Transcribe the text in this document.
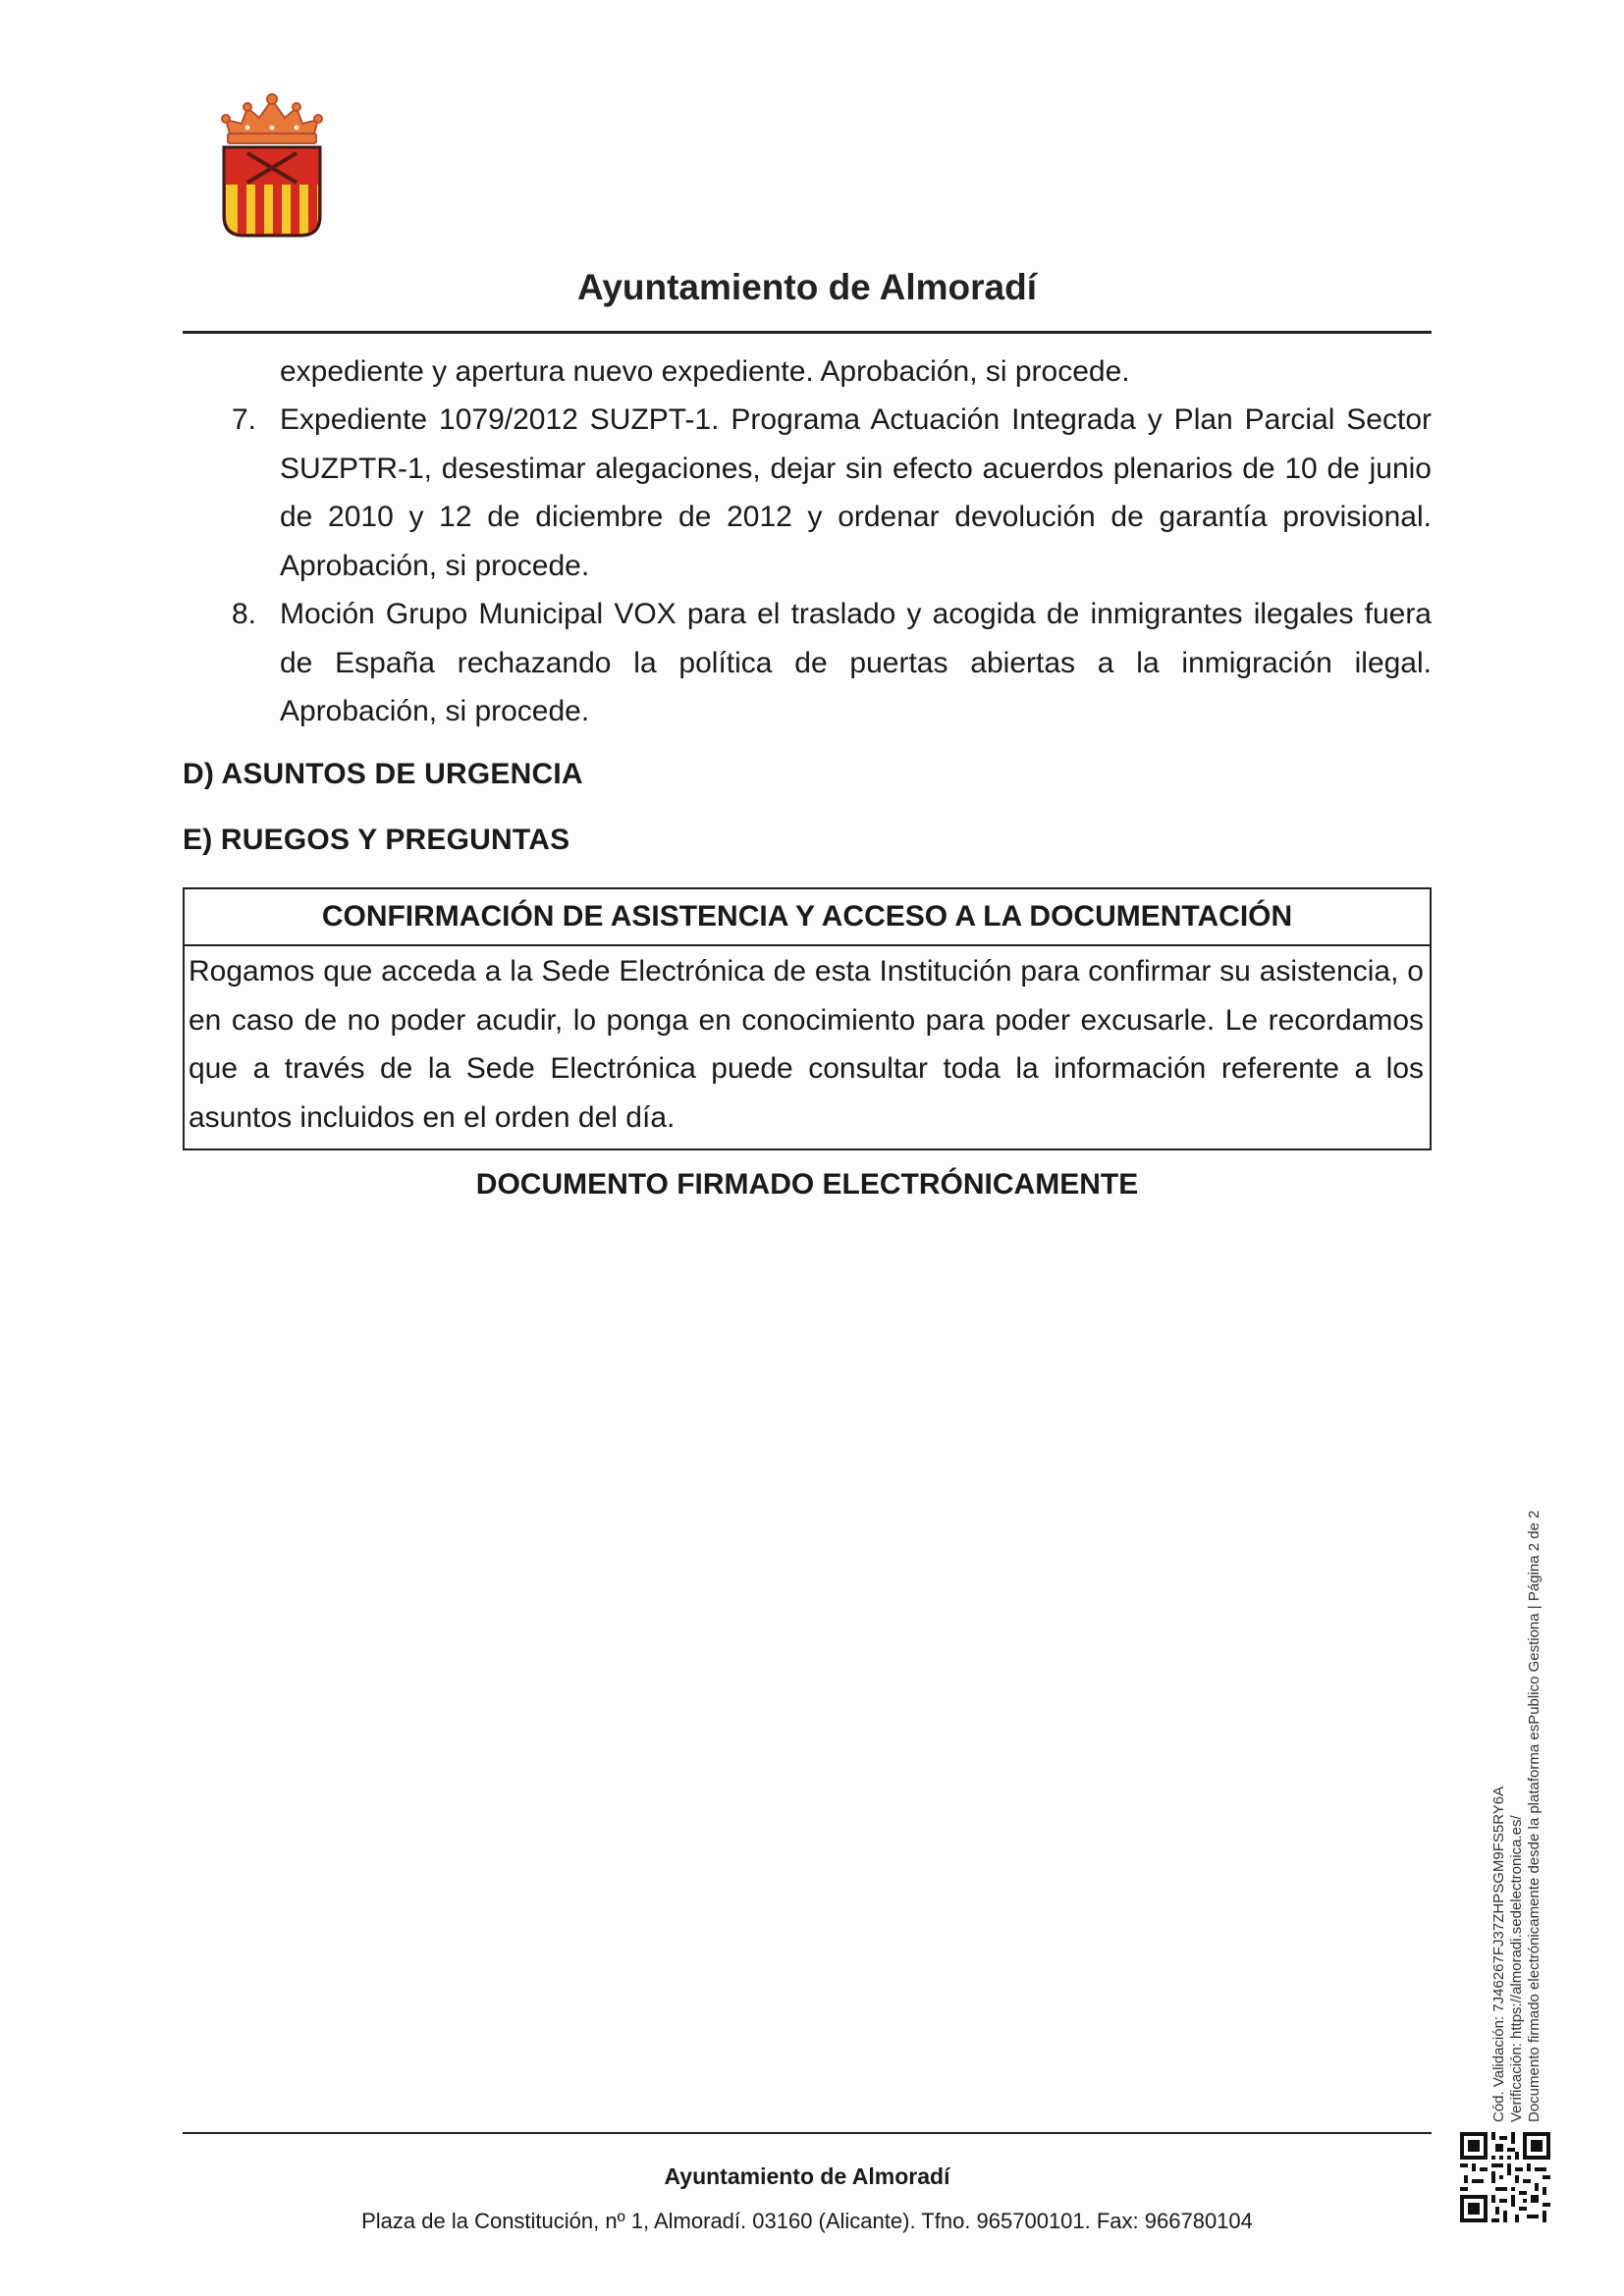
Ayuntamiento de Almoradí
expediente y apertura nuevo expediente. Aprobación, si procede.
7. Expediente 1079/2012 SUZPT-1. Programa Actuación Integrada y Plan Parcial Sector SUZPTR-1, desestimar alegaciones, dejar sin efecto acuerdos plenarios de 10 de junio de 2010 y 12 de diciembre de 2012 y ordenar devolución de garantía provisional. Aprobación, si procede.
8. Moción Grupo Municipal VOX para el traslado y acogida de inmigrantes ilegales fuera de España rechazando la política de puertas abiertas a la inmigración ilegal. Aprobación, si procede.
D) ASUNTOS DE URGENCIA
E) RUEGOS Y PREGUNTAS
CONFIRMACIÓN DE ASISTENCIA Y ACCESO A LA DOCUMENTACIÓN
Rogamos que acceda a la Sede Electrónica de esta Institución para confirmar su asistencia, o en caso de no poder acudir, lo ponga en conocimiento para poder excusarle. Le recordamos que a través de la Sede Electrónica puede consultar toda la información referente a los asuntos incluidos en el orden del día.
DOCUMENTO FIRMADO ELECTRÓNICAMENTE
Cód. Validación: 7J46267FJ37ZHPSGM9FS5RY6A Verificación: https://almoradi.sedelectronica.es/ Documento firmado electrónicamente desde la plataforma esPublico Gestiona | Página 2 de 2
Ayuntamiento de Almoradí
Plaza de la Constitución, nº 1, Almoradí. 03160 (Alicante). Tfno. 965700101. Fax: 966780104
